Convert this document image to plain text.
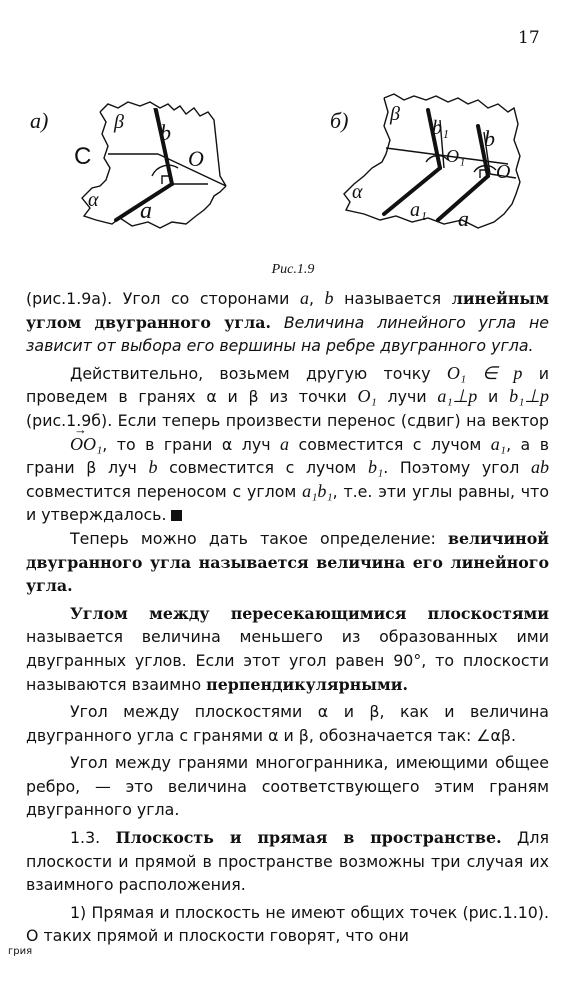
17
а)	β b
C	O
α a
б) β
b₁ b
O₁
O
α
a₁ a
Рис.1.9

(рис.1.9а). Угол со сторонами a, b называется линейным углом двугранного угла. Величина линейного угла не зависит от выбора его вершины на ребре двугранного угла.

Действительно, возьмем другую точку O₁ ∈ p и проведем в гранях α и β из точки O₁ лучи a₁⊥p и b₁⊥p (рис.1.9б). Если теперь произвести перенос (сдвиг) на вектор → OO₁, то в грани α луч a совместится с лучом a₁, а в грани β луч b совместится с лучом b₁. Поэтому угол ab совместится переносом с углом a₁b₁, т.е. эти углы равны, что и утверждалось.

Теперь можно дать такое определение: величиной двугранного угла называется величина его линейного угла.

Углом между пересекающимися плоскостями называется величина меньшего из образованных ими двугранных углов. Если этот угол равен 90°, то плоскости называются взаимно перпендикулярными.

Угол между плоскостями α и β, как и величина двугранного угла с гранями α и β, обозначается так: ∠αβ.

Угол между гранями многогранника, имеющими общее ребро, — это величина соответствующего этим граням двугранного угла.

1.3. Плоскость и прямая в пространстве. Для плоскости и прямой в пространстве возможны три случая их взаимного расположения.

1) Прямая и плоскость не имеют общих точек (рис.1.10). О таких прямой и плоскости говорят, что они

грия
